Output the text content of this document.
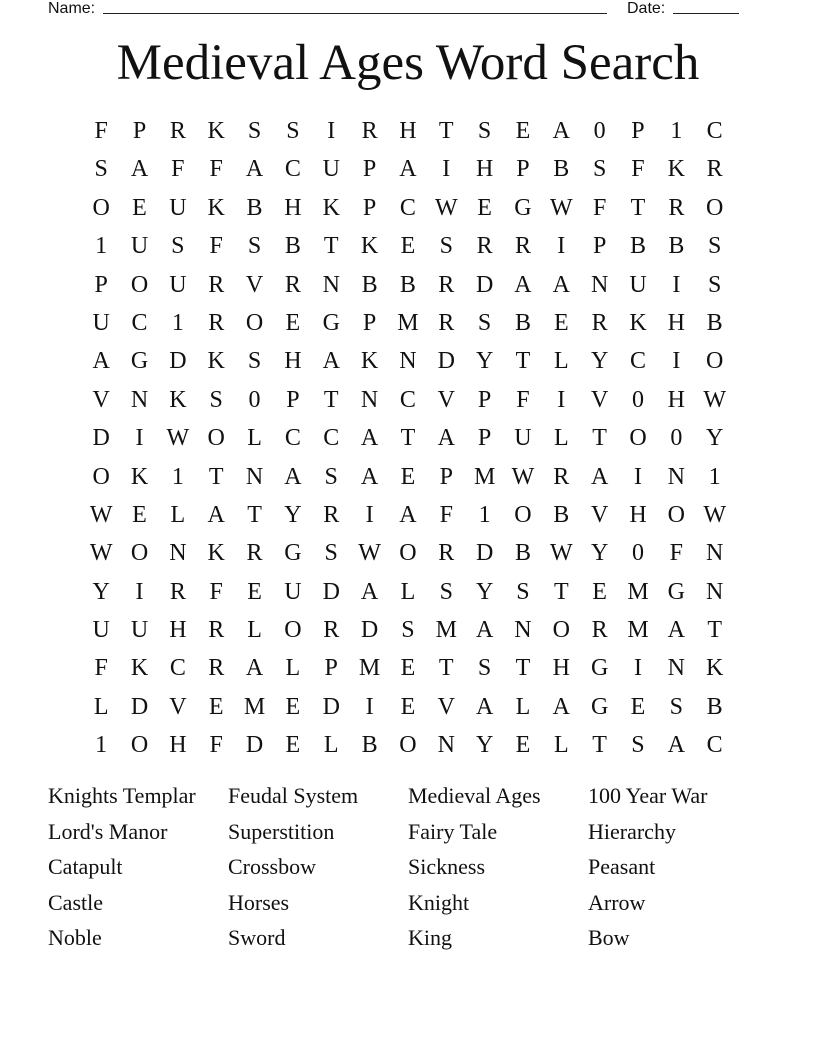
Name:	Date:
Medieval Ages Word Search
F	P R K S	S	I	R H T	S	E A 0	P	1	C
S A F	F A C U P A	I	H P B S	F K R
O E U K B H K P C W E G W F	T R O
1 U S	F	S B T K E	S R R	I	P B B S
P O U R V R N B B R D A A N U	I	S
U C	1	R O E G P M R S B E R K H B
A G D K S H A K N D Y T L Y C	I	O
V N K S	0	P	T N C V P	F	I	V 0 H W
D	I W O L C C A T A P U L T O 0 Y
O K 1	T N A S A E	P M W R A	I	N 1
W E L A T Y R	I	A F	1 O B V H O W
W O N K R G S W O R D B W Y 0	F N
Y	I	R F	E U D A L	S Y S	T E M G N
U U H R L O R D S M A N O R M A T
F K C R A L	P M E T	S	T H G	I	N K
L D V E M E D	I	E V A L A G E	S B
1 O H F D E L B O N Y E L T	S A C
Knights Templar	Feudal System	Medieval Ages	100 Year War
Lord's Manor	Superstition	Fairy Tale	Hierarchy
Catapult	Crossbow	Sickness	Peasant
Castle	Horses	Knight	Arrow
Noble	Sword	King	Bow
